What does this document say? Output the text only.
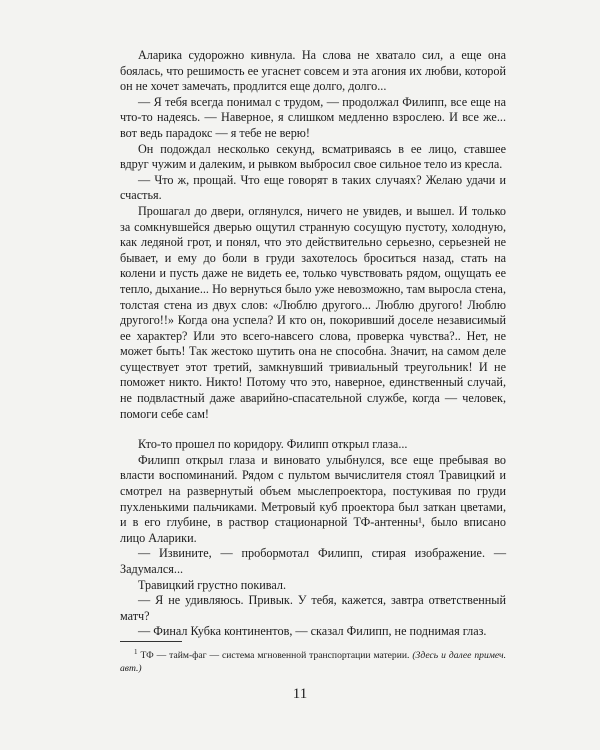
Аларика судорожно кивнула. На слова не хватало сил, а еще она боялась, что решимость ее угаснет совсем и эта агония их любви, которой он не хочет замечать, продлится еще долго, долго...

— Я тебя всегда понимал с трудом, — продолжал Филипп, все еще на что-то надеясь. — Наверное, я слишком медленно взрослею. И все же... вот ведь парадокс — я тебе не верю!

Он подождал несколько секунд, всматриваясь в ее лицо, ставшее вдруг чужим и далеким, и рывком выбросил свое сильное тело из кресла.

— Что ж, прощай. Что еще говорят в таких случаях? Желаю удачи и счастья.

Прошагал до двери, оглянулся, ничего не увидев, и вышел. И только за сомкнувшейся дверью ощутил странную сосущую пустоту, холодную, как ледяной грот, и понял, что это действительно серьезно, серьезней не бывает, и ему до боли в груди захотелось броситься назад, стать на колени и пусть даже не видеть ее, только чувствовать рядом, ощущать ее тепло, дыхание... Но вернуться было уже невозможно, там выросла стена, толстая стена из двух слов: «Люблю другого... Люблю другого! Люблю другого!!» Когда она успела? И кто он, покоривший доселе независимый ее характер? Или это всего-навсего слова, проверка чувства?.. Нет, не может быть! Так жестоко шутить она не способна. Значит, на самом деле существует этот третий, замкнувший тривиальный треугольник! И не поможет никто. Никто! Потому что это, наверное, единственный случай, не подвластный даже аварийно-спасательной службе, когда — человек, помоги себе сам!

Кто-то прошел по коридору. Филипп открыл глаза...

Филипп открыл глаза и виновато улыбнулся, все еще пребывая во власти воспоминаний. Рядом с пультом вычислителя стоял Травицкий и смотрел на развернутый объем мыслепроектора, постукивая по груди пухленькими пальчиками. Метровый куб проектора был заткан цветами, и в его глубине, в раствор стационарной ТФ-антенны¹, было вписано лицо Аларики.

— Извините, — пробормотал Филипп, стирая изображение. — Задумался...

Травицкий грустно покивал.

— Я не удивляюсь. Привык. У тебя, кажется, завтра ответственный матч?

— Финал Кубка континентов, — сказал Филипп, не поднимая глаз.

$^1$ ТФ — тайм-фаг — система мгновенной транспортации материи. (Здесь и далее примеч. авт.)
11
